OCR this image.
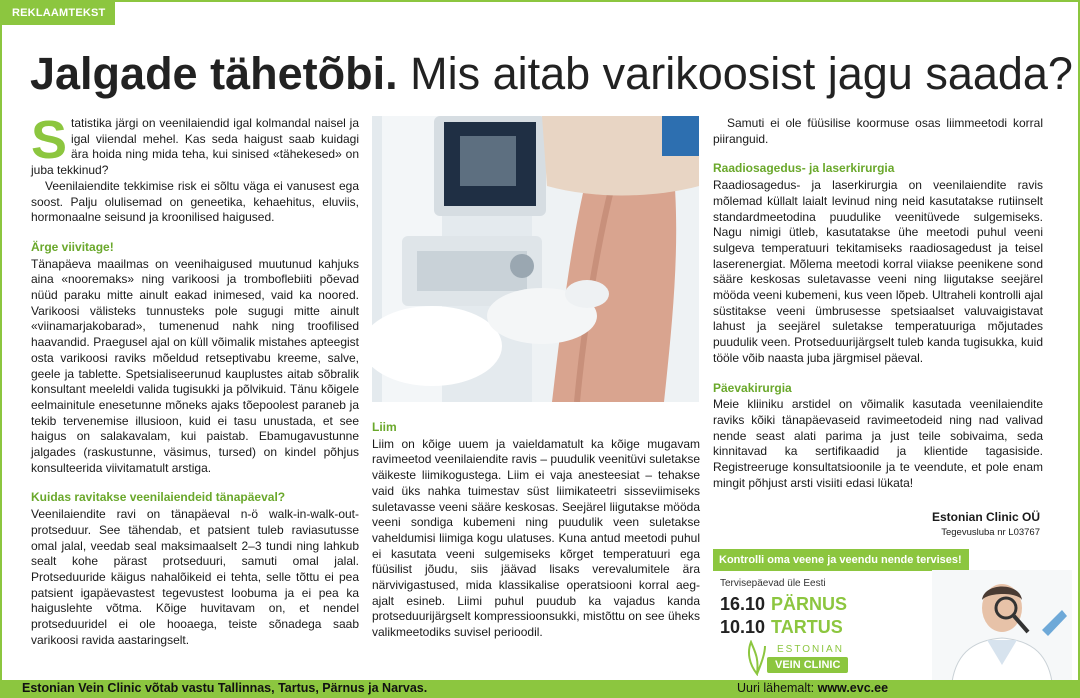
REKLAAMTEKST
Jalgade tähetõbi. Mis aitab varikoosist jagu saada?

Statistika järgi on veenilaiendid igal kolmandal naisel ja igal viiendal mehel. Kas seda haigust saab kuidagi ära hoida ning mida teha, kui sinised «tähekesed» on juba tekkinud?

Veenilaiendite tekkimise risk ei sõltu väga ei vanusest ega soost. Palju olulisemad on geneetika, kehaehitus, eluviis, hormonaalne seisund ja kroonilised haigused.

Ärge viivitage!

Tänapäeva maailmas on veenihaigused muutunud kahjuks aina «nooremaks» ning varikoosi ja tromboflebiiti põevad nüüd paraku mitte ainult eakad inimesed, vaid ka noored. Varikoosi välisteks tunnusteks pole sugugi mitte ainult «viinamarjakobarad», tumenenud nahk ning troofilised haavandid. Praegusel ajal on küll võimalik mistahes apteegist osta varikoosi raviks mõeldud retseptivabu kreeme, salve, geele ja tablette. Spetsialiseerunud kauplustes aitab sõbralik konsultant meeleldi valida tugisukki ja põlvikuid. Tänu kõigele eelmainitule enesetunne mõneks ajaks tõepoolest paraneb ja tekib tervenemise illusioon, kuid ei tasu unustada, et see haigus on salakavalam, kui paistab. Ebamugavustunne jalgades (raskustunne, väsimus, tursed) on kindel põhjus konsulteerida viivitamatult arstiga.

Kuidas ravitakse veenilaiendeid tänapäeval?

Veenilaiendite ravi on tänapäeval n-ö walk-in-walk-out-protseduur. See tähendab, et patsient tuleb raviasutusse omal jalal, veedab seal maksimaalselt 2–3 tundi ning lahkub sealt kohe pärast protseduuri, samuti omal jalal. Protseduuride käigus nahalõikeid ei tehta, selle tõttu ei pea patsient igapäevastest tegevustest loobuma ja ei pea ka haiguslehte võtma. Kõige huvitavam on, et nendel protseduuridel ei ole hooaega, teiste sõnadega saab varikoosi ravida aastaringselt.

Liim

Liim on kõige uuem ja vaieldamatult ka kõige mugavam ravimeetod veenilaiendite ravis – puudulik veenitüvi suletakse väikeste liimikogustega. Liim ei vaja anesteesiat – tehakse vaid üks nahka tuimestav süst liimikateetri sisseviimiseks suletavasse veeni sääre keskosas. Seejärel liigutakse mööda veeni sondiga kubemeni ning puudulik veen suletakse vaheldumisi liimiga kogu ulatuses. Kuna antud meetodi puhul ei kasutata veeni sulgemiseks kõrget temperatuuri ega füüsilist jõudu, siis jäävad lisaks verevalumitele ära närvivigastused, mida klassikalise operatsiooni korral aeg-ajalt esineb. Liimi puhul puudub ka vajadus kanda protseduurijärgselt kompressioonsukki, mistõttu on see üheks valikmeetodiks suvisel perioodil.

Samuti ei ole füüsilise koormuse osas liimmeetodi korral piiranguid.

Raadiosagedus- ja laserkirurgia

Raadiosagedus- ja laserkirurgia on veenilaiendite ravis mõlemad küllalt laialt levinud ning neid kasutatakse rutiinselt standardmeetodina puudulike veenitüvede sulgemiseks. Nagu nimigi ütleb, kasutatakse ühe meetodi puhul veeni sulgeva temperatuuri tekitamiseks raadiosagedust ja teisel laserenergiat. Mõlema meetodi korral viiakse peenikene sond sääre keskosas suletavasse veeni ning liigutakse seejärel mööda veeni kubemeni, kus veen lõpeb. Ultraheli kontrolli ajal süstitakse veeni ümbrusesse spetsiaalset valuvaigistavat lahust ja seejärel suletakse temperatuuriga mõjutades puudulik veen. Protseduurijärgselt tuleb kanda tugisukka, kuid tööle võib naasta juba järgmisel päeval.

Päevakirurgia

Meie kliiniku arstidel on võimalik kasutada veenilaiendite raviks kõiki tänapäevaseid ravimeetodeid ning nad valivad nende seast alati parima ja just teile sobivaima, seda kinnitavad ka sertifikaadid ja klientide tagasiside. Registreeruge konsultatsioonile ja te veendute, et pole enam mingit põhjust arsti visiiti edasi lükata!

Estonian Clinic OÜ
Tegevusluba nr L03767
Kontrolli oma veene ja veendu nende tervises!
Tervisepäevad üle Eesti
16.10 PÄRNUS
10.10 TARTUS
ESTONIAN
VEIN CLINIC
Estonian Vein Clinic võtab vastu Tallinnas, Tartus, Pärnus ja Narvas.	Uuri lähemalt: www.evc.ee
